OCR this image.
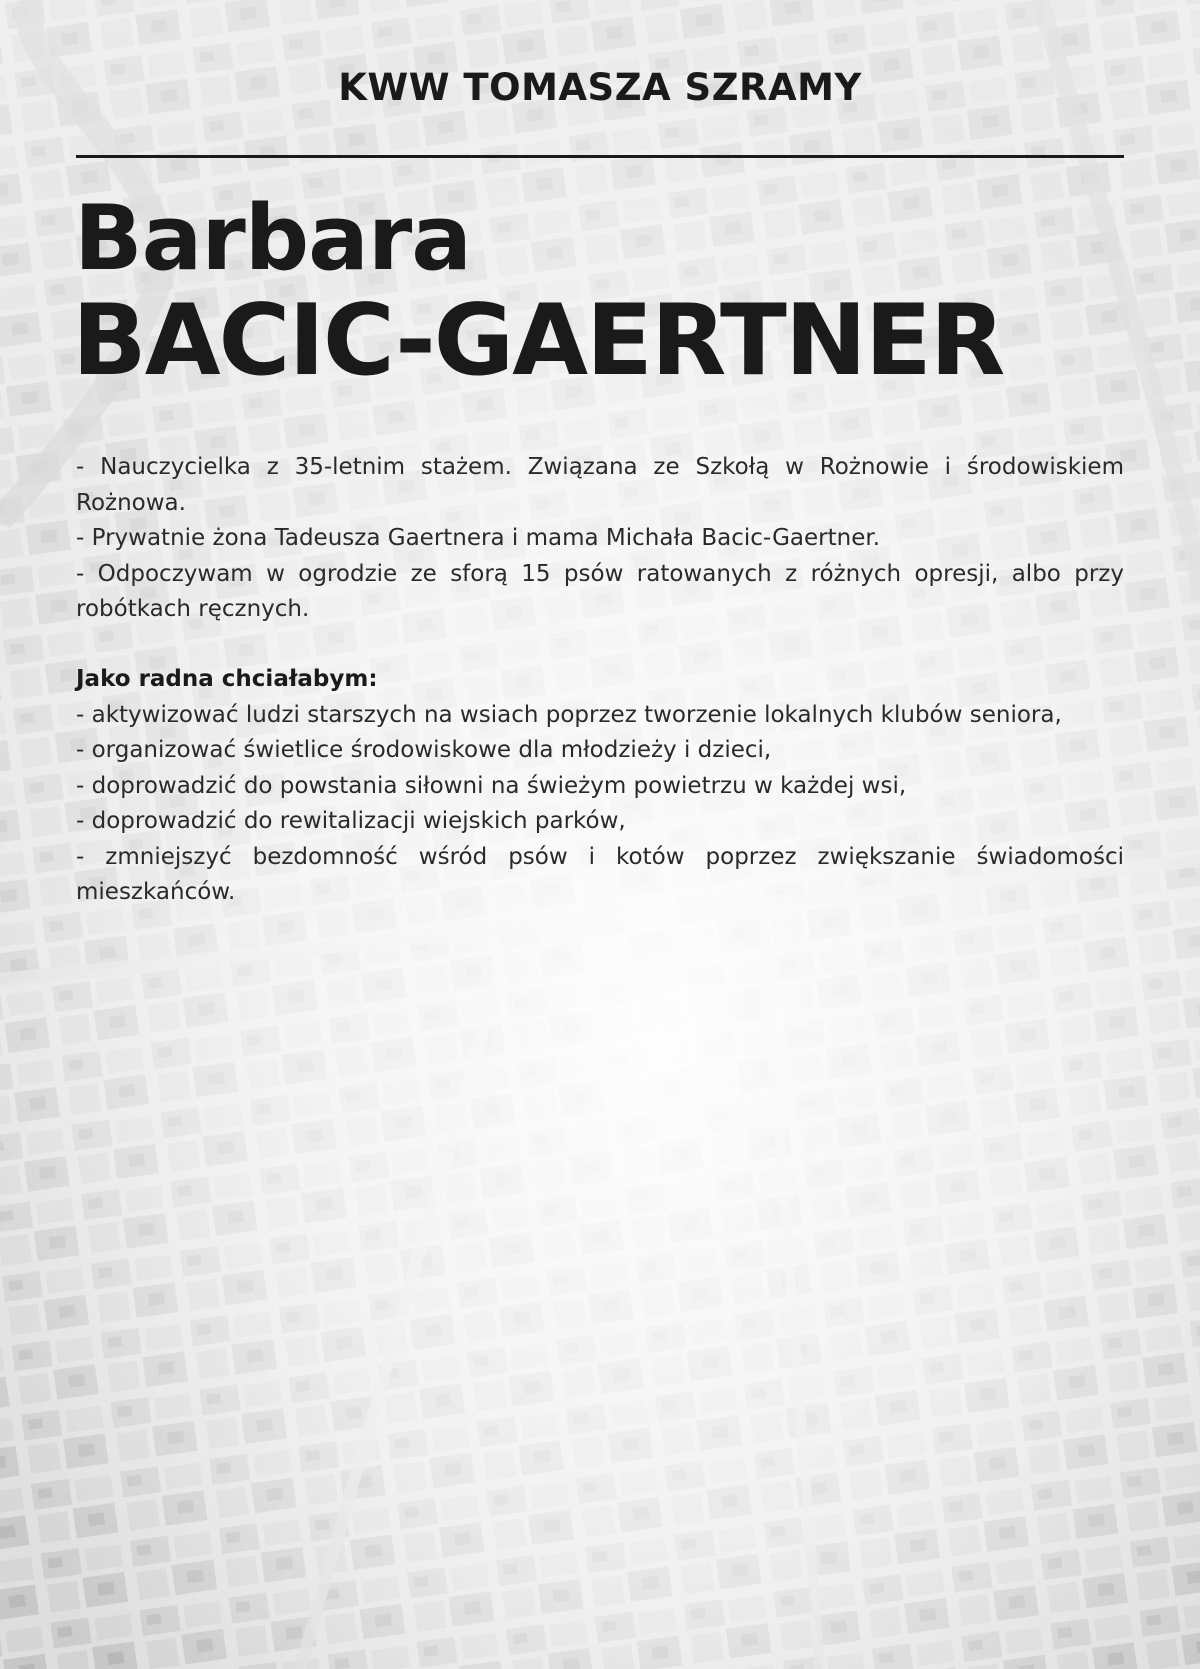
KWW TOMASZA SZRAMY
Barbara
BACIC-GAERTNER

- Nauczycielka z 35-letnim stażem. Związana ze Szkołą w Rożnowie i środowiskiem Rożnowa.

- Prywatnie żona Tadeusza Gaertnera i mama Michała Bacic-Gaertner.

- Odpoczywam w ogrodzie ze sforą 15 psów ratowanych z różnych opresji, albo przy robótkach ręcznych.

Jako radna chciałabym:

- aktywizować ludzi starszych na wsiach poprzez tworzenie lokalnych klubów seniora,

- organizować świetlice środowiskowe dla młodzieży i dzieci,

- doprowadzić do powstania siłowni na świeżym powietrzu w każdej wsi,

- doprowadzić do rewitalizacji wiejskich parków,

- zmniejszyć bezdomność wśród psów i kotów poprzez zwiększanie świadomości mieszkańców.
